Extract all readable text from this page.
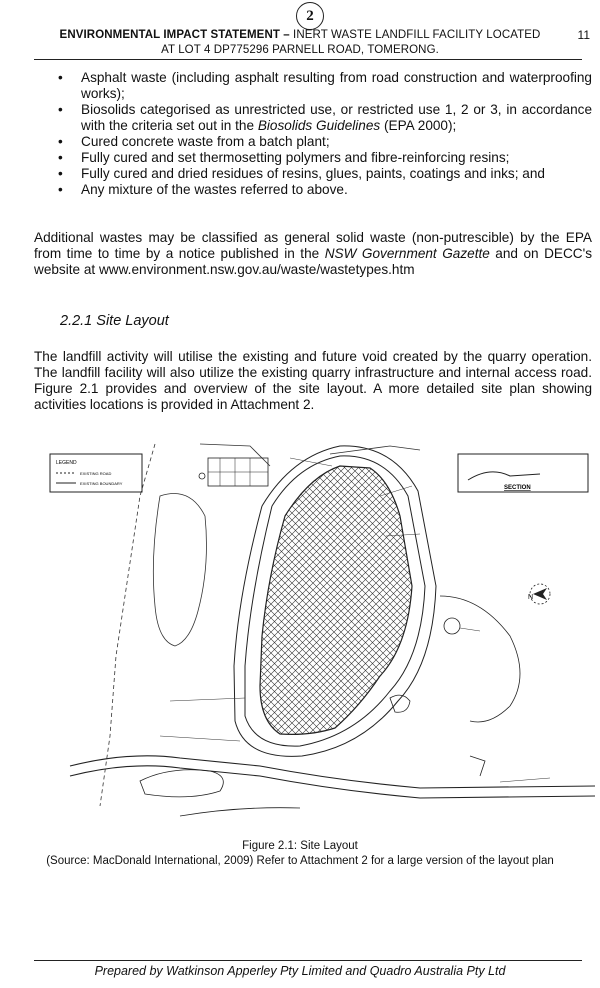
2
ENVIRONMENTAL IMPACT STATEMENT – INERT WASTE LANDFILL FACILITY LOCATED
AT LOT 4 DP775296 PARNELL ROAD, TOMERONG.
11
• Asphalt waste (including asphalt resulting from road construction and waterproofing works);
• Biosolids categorised as unrestricted use, or restricted use 1, 2 or 3, in accordance with the criteria set out in the Biosolids Guidelines (EPA 2000);
• Cured concrete waste from a batch plant;
• Fully cured and set thermosetting polymers and fibre-reinforcing resins;
• Fully cured and dried residues of resins, glues, paints, coatings and inks; and
• Any mixture of the wastes referred to above.

Additional wastes may be classified as general solid waste (non-putrescible) by the EPA from time to time by a notice published in the NSW Government Gazette and on DECC's website at www.environment.nsw.gov.au/waste/wastetypes.htm

2.2.1 Site Layout

The landfill activity will utilise the existing and future void created by the quarry operation. The landfill facility will also utilize the existing quarry infrastructure and internal access road. Figure 2.1 provides and overview of the site layout. A more detailed site plan showing activities locations is provided in Attachment 2.

LEGEND
EXISTING ROAD
EXISTING BOUNDARY
SECTION
N
Figure 2.1: Site Layout
(Source: MacDonald International, 2009) Refer to Attachment 2 for a large version of the layout plan
Prepared by Watkinson Apperley Pty Limited and Quadro Australia Pty Ltd
